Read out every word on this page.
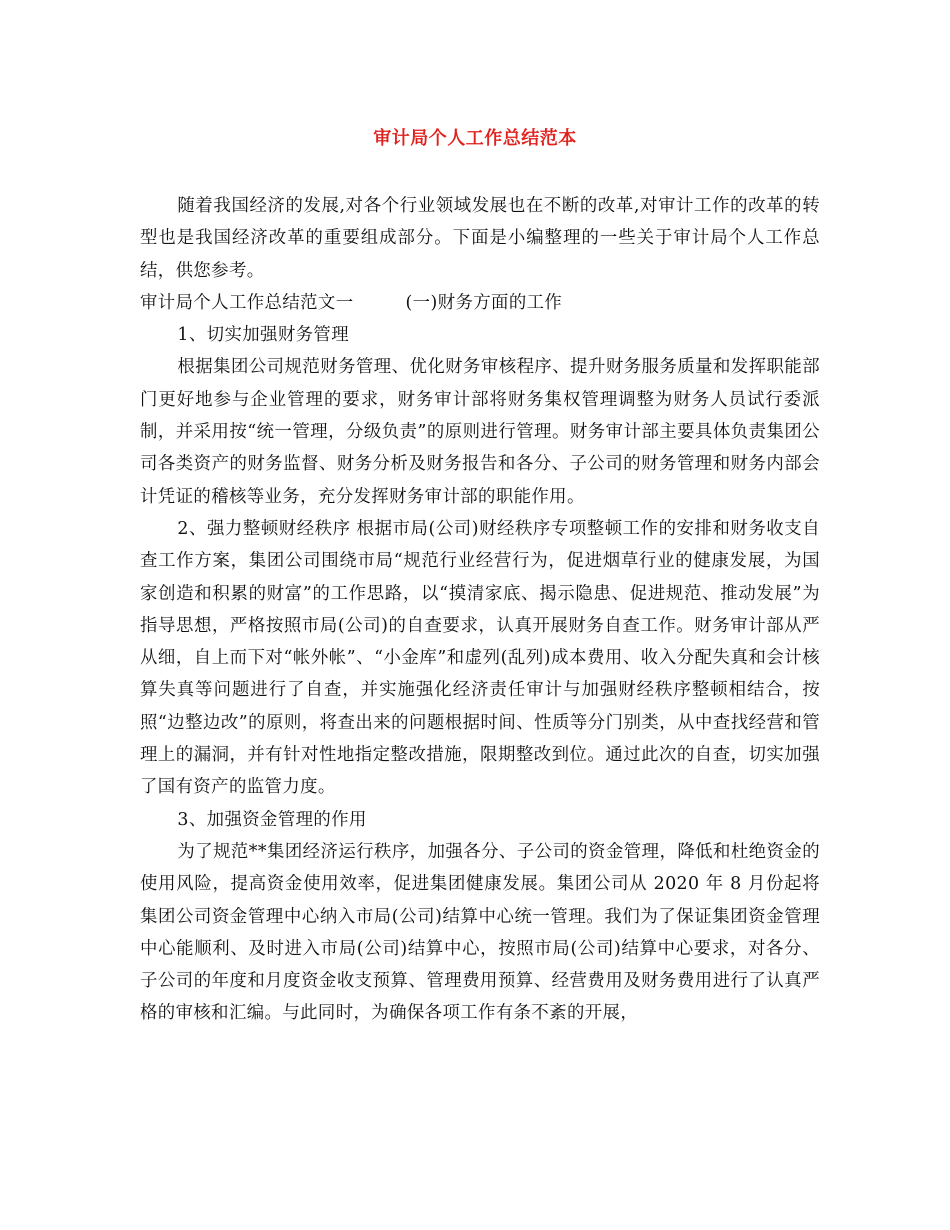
审计局个人工作总结范本

随着我国经济的发展,对各个行业领域发展也在不断的改革,对审计工作的改革的转型也是我国经济改革的重要组成部分。下面是小编整理的一些关于审计局个人工作总结，供您参考。

审计局个人工作总结范文一	(一)财务方面的工作

1、切实加强财务管理

根据集团公司规范财务管理、优化财务审核程序、提升财务服务质量和发挥职能部门更好地参与企业管理的要求，财务审计部将财务集权管理调整为财务人员试行委派制，并采用按“统一管理，分级负责”的原则进行管理。财务审计部主要具体负责集团公司各类资产的财务监督、财务分析及财务报告和各分、子公司的财务管理和财务内部会计凭证的稽核等业务，充分发挥财务审计部的职能作用。

2、强力整顿财经秩序 根据市局(公司)财经秩序专项整顿工作的安排和财务收支自查工作方案，集团公司围绕市局“规范行业经营行为，促进烟草行业的健康发展，为国家创造和积累的财富”的工作思路，以“摸清家底、揭示隐患、促进规范、推动发展”为指导思想，严格按照市局(公司)的自查要求，认真开展财务自查工作。财务审计部从严从细，自上而下对“帐外帐”、“小金库”和虚列(乱列)成本费用、收入分配失真和会计核算失真等问题进行了自查，并实施强化经济责任审计与加强财经秩序整顿相结合，按照“边整边改”的原则，将查出来的问题根据时间、性质等分门别类，从中查找经营和管理上的漏洞，并有针对性地指定整改措施，限期整改到位。通过此次的自查，切实加强了国有资产的监管力度。

3、加强资金管理的作用

为了规范**集团经济运行秩序，加强各分、子公司的资金管理，降低和杜绝资金的使用风险，提高资金使用效率，促进集团健康发展。集团公司从 2020 年 8 月份起将集团公司资金管理中心纳入市局(公司)结算中心统一管理。我们为了保证集团资金管理中心能顺利、及时进入市局(公司)结算中心，按照市局(公司)结算中心要求，对各分、子公司的年度和月度资金收支预算、管理费用预算、经营费用及财务费用进行了认真严格的审核和汇编。与此同时，为确保各项工作有条不紊的开展，
